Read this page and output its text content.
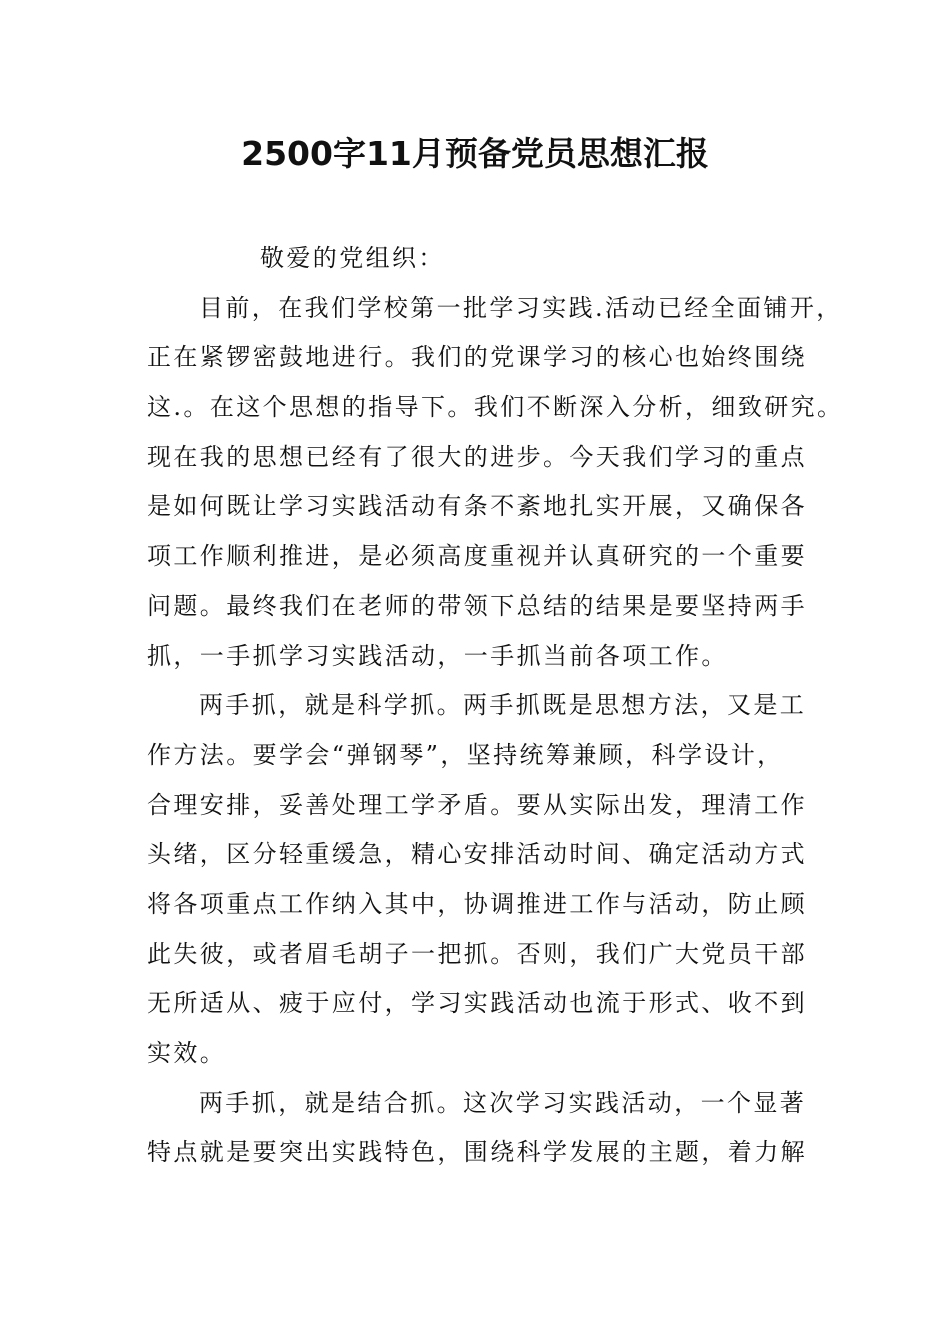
2500字11月预备党员思想汇报
敬爱的党组织：
目前，在我们学校第一批学习实践.活动已经全面铺开，
正在紧锣密鼓地进行。我们的党课学习的核心也始终围绕
这.。在这个思想的指导下。我们不断深入分析，细致研究。
现在我的思想已经有了很大的进步。今天我们学习的重点
是如何既让学习实践活动有条不紊地扎实开展，又确保各
项工作顺利推进，是必须高度重视并认真研究的一个重要
问题。最终我们在老师的带领下总结的结果是要坚持两手
抓，一手抓学习实践活动，一手抓当前各项工作。
两手抓，就是科学抓。两手抓既是思想方法，又是工
作方法。要学会“弹钢琴”，坚持统筹兼顾，科学设计，
合理安排，妥善处理工学矛盾。要从实际出发，理清工作
头绪，区分轻重缓急，精心安排活动时间、确定活动方式
将各项重点工作纳入其中，协调推进工作与活动，防止顾
此失彼，或者眉毛胡子一把抓。否则，我们广大党员干部
无所适从、疲于应付，学习实践活动也流于形式、收不到
实效。
两手抓，就是结合抓。这次学习实践活动，一个显著
特点就是要突出实践特色，围绕科学发展的主题，着力解
